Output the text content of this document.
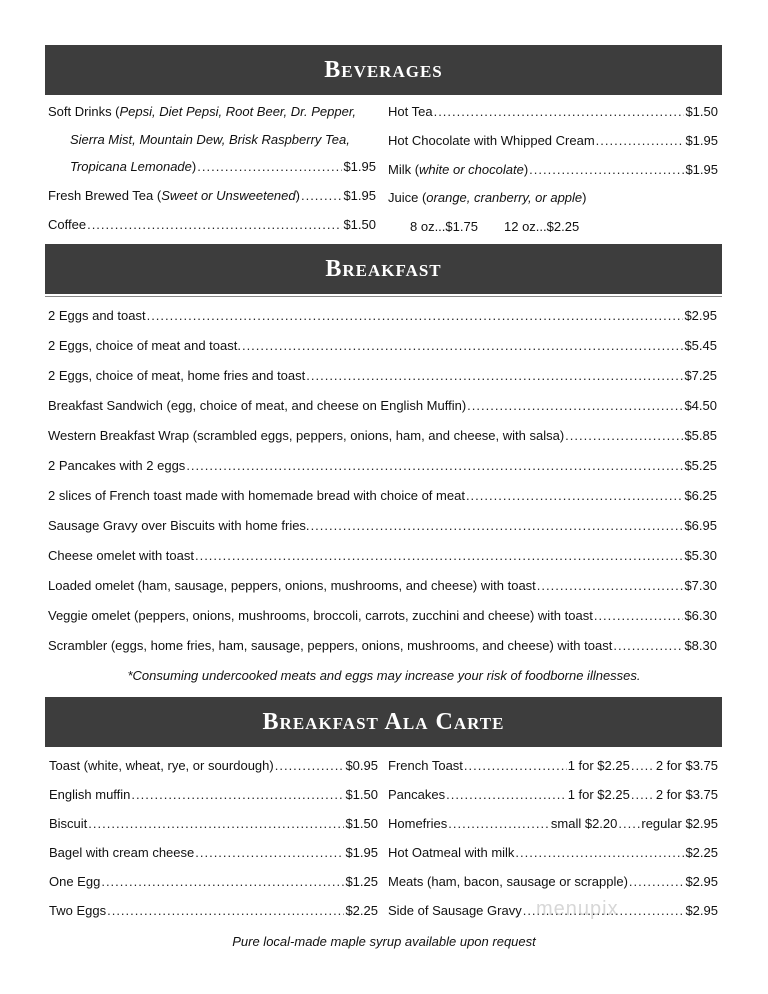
Beverages
Soft Drinks (Pepsi, Diet Pepsi, Root Beer, Dr. Pepper,
Sierra Mist, Mountain Dew, Brisk Raspberry Tea,
Tropicana Lemonade) .....	$1.95
Fresh Brewed Tea (Sweet or Unsweetened) .....	$1.95
Coffee .....	$1.50
Hot Tea .....	$1.50
Hot Chocolate with Whipped Cream .....	$1.95
Milk (white or chocolate) .....	$1.95
Juice (orange, cranberry, or apple)
8 oz...$1.75 12 oz...$2.25
Breakfast
2 Eggs and toast .....	$2.95
2 Eggs, choice of meat and toast. .....	$5.45
2 Eggs, choice of meat, home fries and toast .....	$7.25
Breakfast Sandwich (egg, choice of meat, and cheese on English Muffin) .....	$4.50
Western Breakfast Wrap (scrambled eggs, peppers, onions, ham, and cheese, with salsa) .....	$5.85
2 Pancakes with 2 eggs .....	$5.25
2 slices of French toast made with homemade bread with choice of meat .....	$6.25
Sausage Gravy over Biscuits with home fries. .....	$6.95
Cheese omelet with toast .....	$5.30
Loaded omelet (ham, sausage, peppers, onions, mushrooms, and cheese) with toast .....	$7.30
Veggie omelet (peppers, onions, mushrooms, broccoli, carrots, zucchini and cheese) with toast .....	$6.30
Scrambler (eggs, home fries, ham, sausage, peppers, onions, mushrooms, and cheese) with toast .....	$8.30
*Consuming undercooked meats and eggs may increase your risk of foodborne illnesses.
Breakfast Ala Carte
Toast (white, wheat, rye, or sourdough) .....	$0.95
English muffin .....	$1.50
Biscuit .....	$1.50
Bagel with cream cheese .....	$1.95
One Egg .....	$1.25
Two Eggs .....	$2.25
French Toast .....	1 for $2.25 ..... 2 for $3.75
Pancakes .....	1 for $2.25 ..... 2 for $3.75
Homefries .....	small $2.20 ..... regular $2.95
Hot Oatmeal with milk .....	$2.25
Meats (ham, bacon, sausage or scrapple) .....	$2.95
Side of Sausage Gravy .....	$2.95
menupix
Pure local-made maple syrup available upon request
